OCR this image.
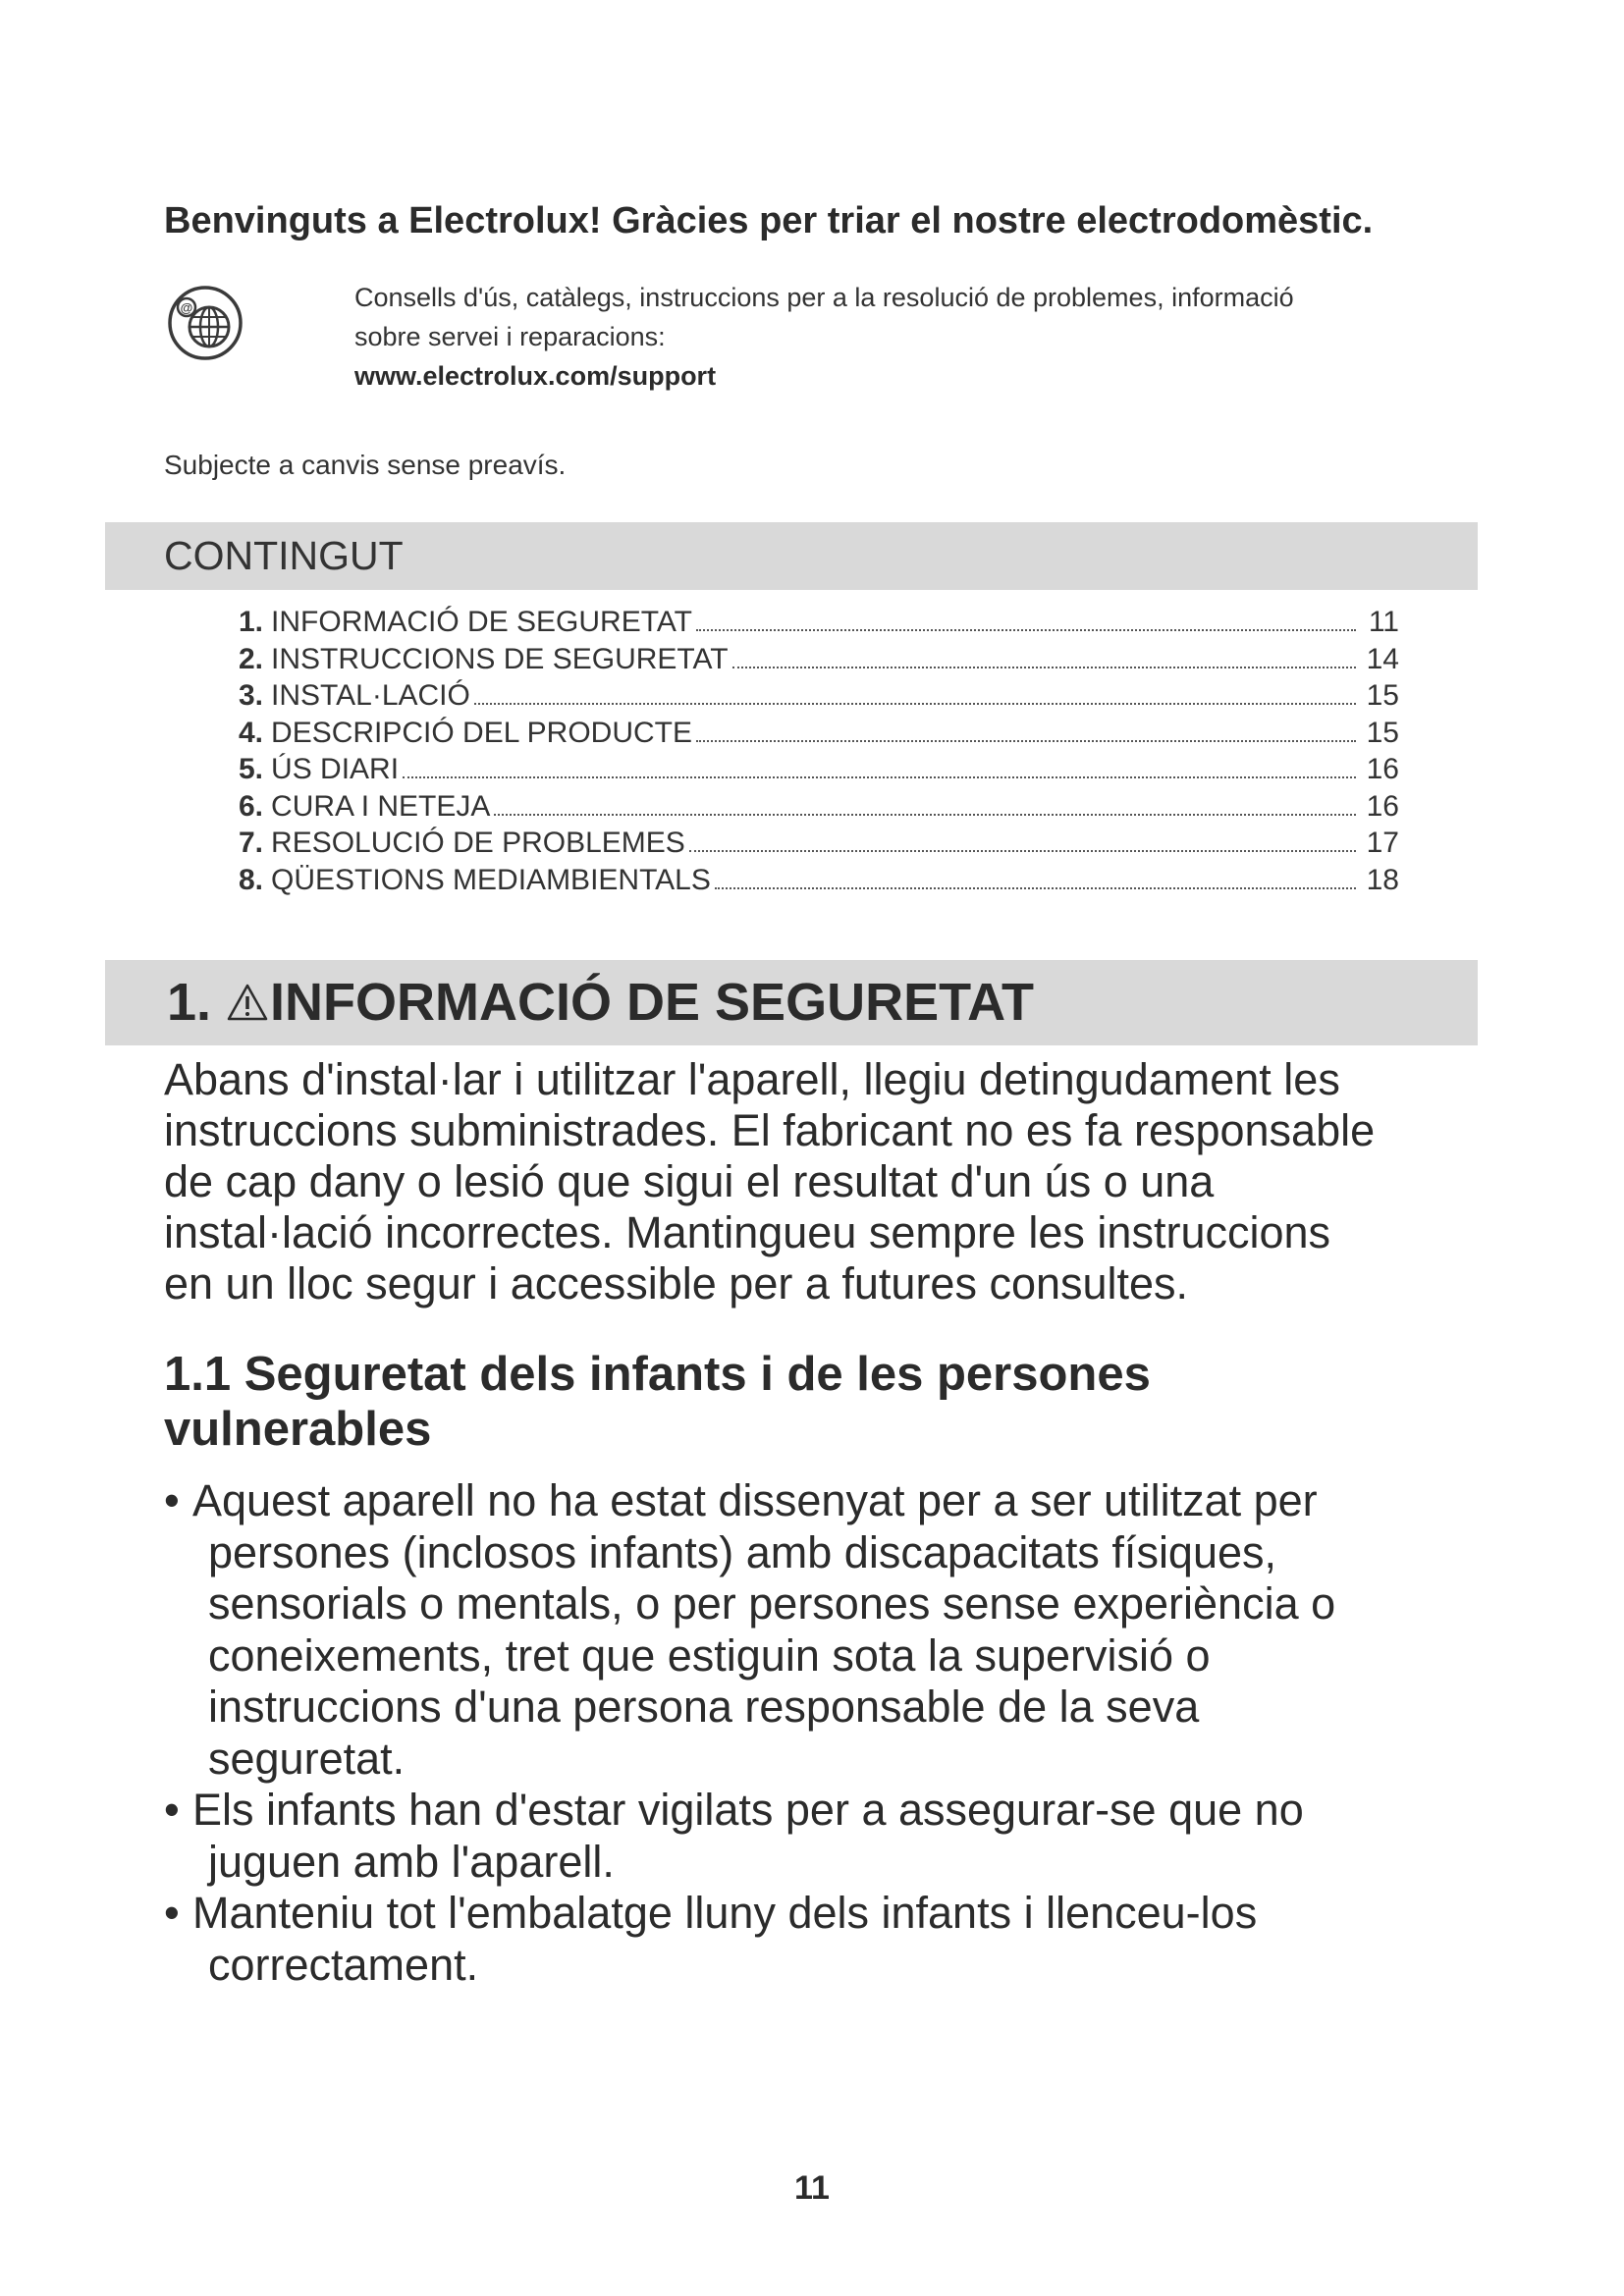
Benvinguts a Electrolux! Gràcies per triar el nostre electrodomèstic.
@	Consells d'ús, catàlegs, instruccions per a la resolució de problemes, informació
sobre servei i reparacions:
www.electrolux.com/support
Subjecte a canvis sense preavís.
CONTINGUT
1. INFORMACIÓ DE SEGURETAT	11
2. INSTRUCCIONS DE SEGURETAT	14
3. INSTAL·LACIÓ	15
4. DESCRIPCIÓ DEL PRODUCTE	15
5. ÚS DIARI	16
6. CURA I NETEJA	16
7. RESOLUCIÓ DE PROBLEMES	17
8. QÜESTIONS MEDIAMBIENTALS	18
1. INFORMACIÓ DE SEGURETAT
Abans d'instal·lar i utilitzar l'aparell, llegiu detingudament les
instruccions subministrades. El fabricant no es fa responsable
de cap dany o lesió que sigui el resultat d'un ús o una
instal·lació incorrectes. Mantingueu sempre les instruccions
en un lloc segur i accessible per a futures consultes.
1.1 Seguretat dels infants i de les persones
vulnerables
• Aquest aparell no ha estat dissenyat per a ser utilitzat per
persones (inclosos infants) amb discapacitats físiques,
sensorials o mentals, o per persones sense experiència o
coneixements, tret que estiguin sota la supervisió o
instruccions d'una persona responsable de la seva
seguretat.
• Els infants han d'estar vigilats per a assegurar-se que no
juguen amb l'aparell.
• Manteniu tot l'embalatge lluny dels infants i llenceu-los
correctament.
11
